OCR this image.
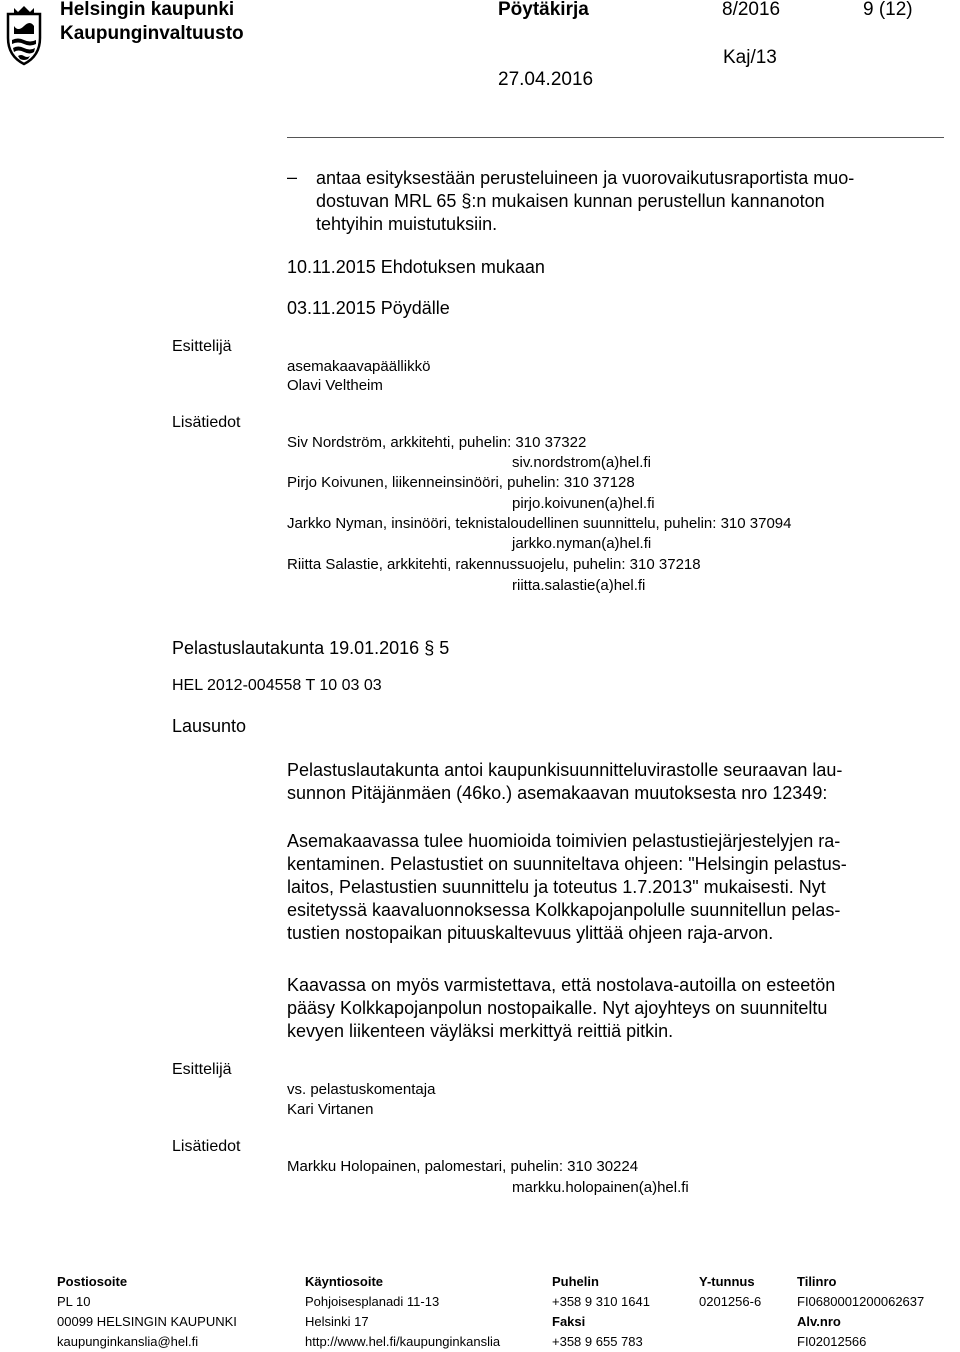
Helsingin kaupunki
Kaupunginvaltuusto
Pöytäkirja	8/2016	9 (12)
Kaj/13
27.04.2016
– antaa esityksestään perusteluineen ja vuorovaikutusraportista muo-
dostuvan MRL 65 §:n mukaisen kunnan perustellun kannanoton
tehtyihin muistutuksiin.
10.11.2015 Ehdotuksen mukaan
03.11.2015 Pöydälle
Esittelijä
asemakaavapäällikkö
Olavi Veltheim
Lisätiedot
Siv Nordström, arkkitehti, puhelin: 310 37322
siv.nordstrom(a)hel.fi
Pirjo Koivunen, liikenneinsinööri, puhelin: 310 37128
pirjo.koivunen(a)hel.fi
Jarkko Nyman, insinööri, teknistaloudellinen suunnittelu, puhelin: 310 37094
jarkko.nyman(a)hel.fi
Riitta Salastie, arkkitehti, rakennussuojelu, puhelin: 310 37218
riitta.salastie(a)hel.fi
Pelastuslautakunta 19.01.2016 § 5
HEL 2012-004558 T 10 03 03
Lausunto
Pelastuslautakunta antoi kaupunkisuunnitteluvirastolle seuraavan lau-
sunnon Pitäjänmäen (46ko.) asemakaavan muutoksesta nro 12349:
Asemakaavassa tulee huomioida toimivien pelastustiejärjestelyjen ra-
kentaminen. Pelastustiet on suunniteltava ohjeen: "Helsingin pelastus-
laitos, Pelastustien suunnittelu ja toteutus 1.7.2013" mukaisesti. Nyt
esitetyssä kaavaluonnoksessa Kolkkapojanpolulle suunnitellun pelas-
tustien nostopaikan pituuskaltevuus ylittää ohjeen raja-arvon.
Kaavassa on myös varmistettava, että nostolava-autoilla on esteetön
pääsy Kolkkapojanpolun nostopaikalle. Nyt ajoyhteys on suunniteltu
kevyen liikenteen väyläksi merkittyä reittiä pitkin.
Esittelijä
vs. pelastuskomentaja
Kari Virtanen
Lisätiedot
Markku Holopainen, palomestari, puhelin: 310 30224
markku.holopainen(a)hel.fi
Postiosoite
PL 10
00099 HELSINGIN KAUPUNKI
kaupunginkanslia@hel.fi
Käyntiosoite
Pohjoisesplanadi 11-13
Helsinki 17
http://www.hel.fi/kaupunginkanslia
Puhelin
+358 9 310 1641
Faksi
+358 9 655 783
Y-tunnus
0201256-6
Tilinro
FI0680001200062637
Alv.nro
FI02012566
